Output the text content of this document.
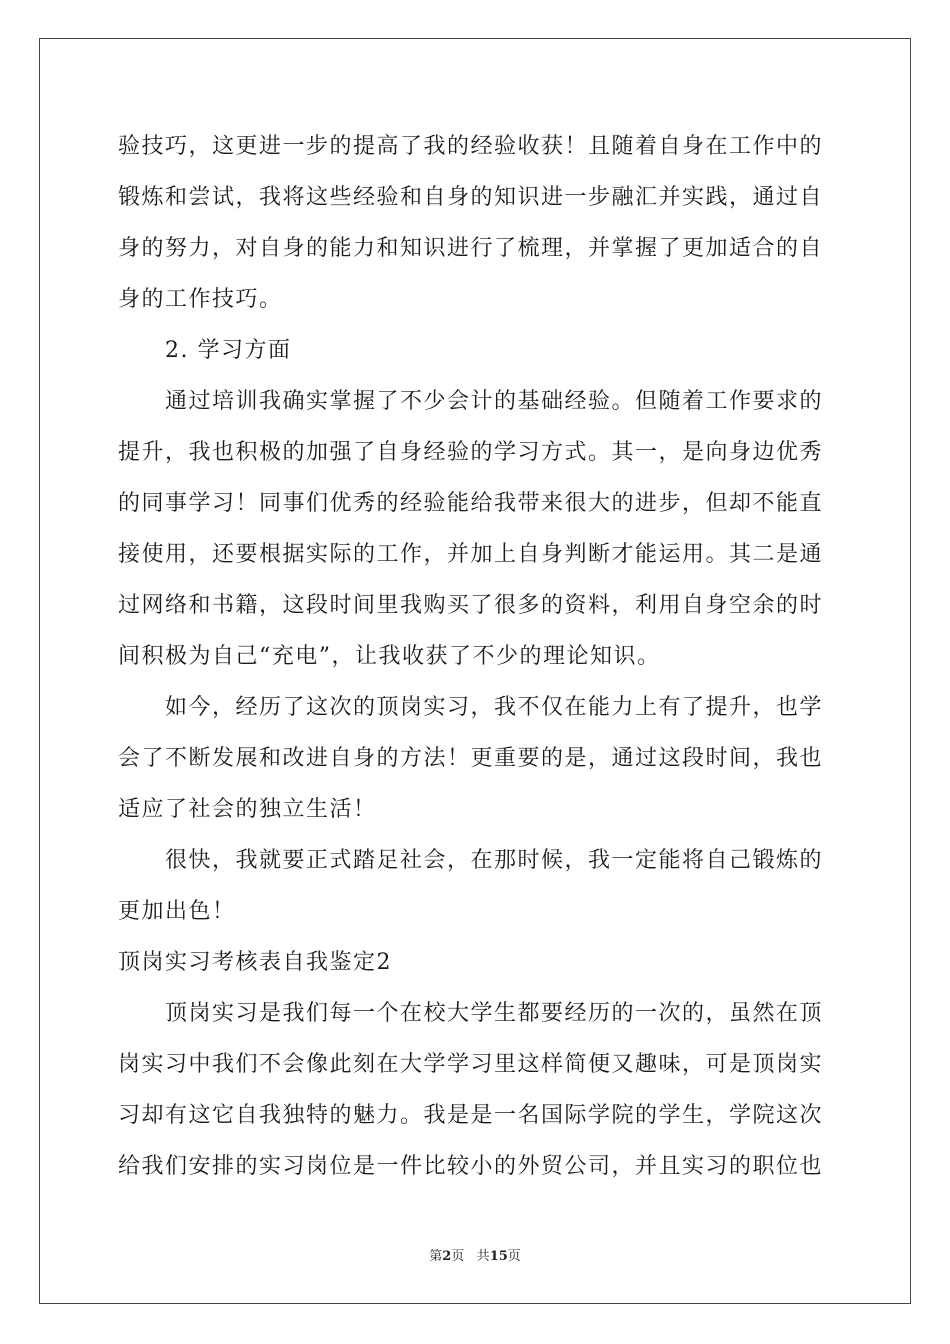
验技巧，这更进一步的提高了我的经验收获！且随着自身在工作中的
锻炼和尝试，我将这些经验和自身的知识进一步融汇并实践，通过自
身的努力，对自身的能力和知识进行了梳理，并掌握了更加适合的自
身的工作技巧。
2. 学习方面
通过培训我确实掌握了不少会计的基础经验。但随着工作要求的
提升，我也积极的加强了自身经验的学习方式。其一，是向身边优秀
的同事学习！同事们优秀的经验能给我带来很大的进步，但却不能直
接使用，还要根据实际的工作，并加上自身判断才能运用。其二是通
过网络和书籍，这段时间里我购买了很多的资料，利用自身空余的时
间积极为自己“充电”，让我收获了不少的理论知识。
如今，经历了这次的顶岗实习，我不仅在能力上有了提升，也学
会了不断发展和改进自身的方法！更重要的是，通过这段时间，我也
适应了社会的独立生活！
很快，我就要正式踏足社会，在那时候，我一定能将自己锻炼的
更加出色！
顶岗实习考核表自我鉴定2
顶岗实习是我们每一个在校大学生都要经历的一次的，虽然在顶
岗实习中我们不会像此刻在大学学习里这样简便又趣味，可是顶岗实
习却有这它自我独特的魅力。我是是一名国际学院的学生，学院这次
给我们安排的实习岗位是一件比较小的外贸公司，并且实习的职位也
第2页 共15页
